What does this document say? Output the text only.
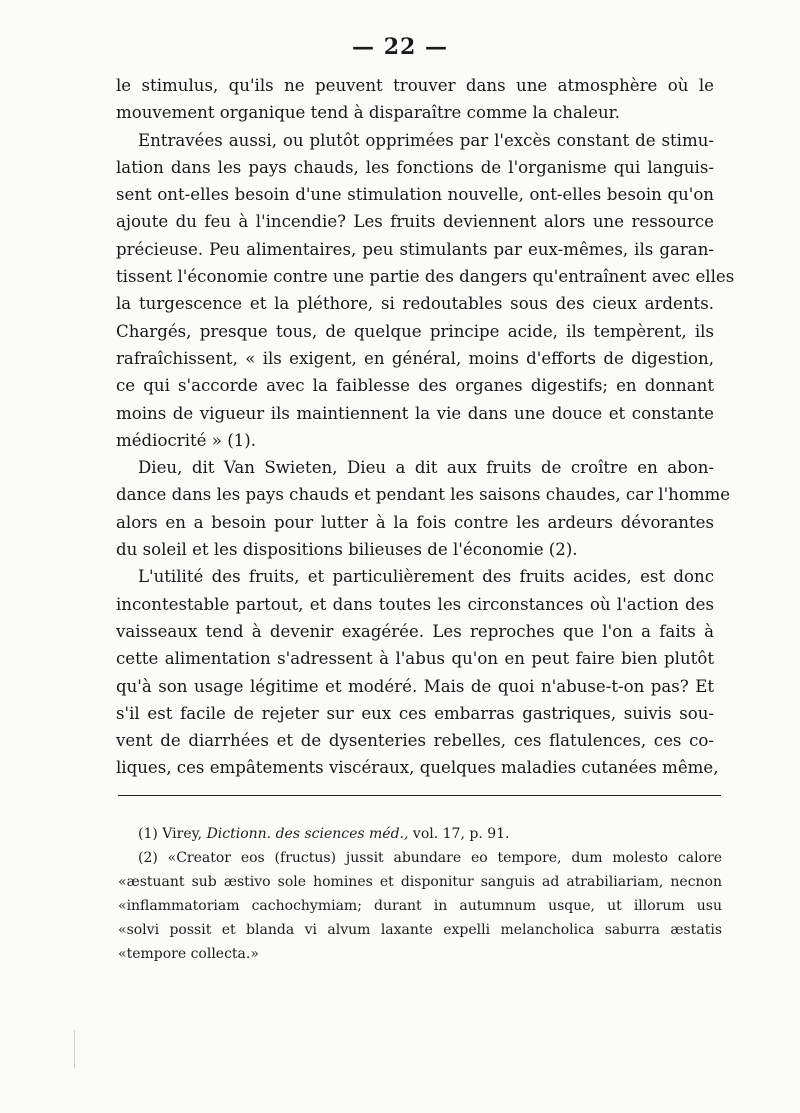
— 22 —
le stimulus, qu'ils ne peuvent trouver dans une atmosphère où le
mouvement organique tend à disparaître comme la chaleur.
Entravées aussi, ou plutôt opprimées par l'excès constant de stimu-
lation dans les pays chauds, les fonctions de l'organisme qui languis-
sent ont-elles besoin d'une stimulation nouvelle, ont-elles besoin qu'on
ajoute du feu à l'incendie? Les fruits deviennent alors une ressource
précieuse. Peu alimentaires, peu stimulants par eux-mêmes, ils garan-
tissent l'économie contre une partie des dangers qu'entraînent avec elles
la turgescence et la pléthore, si redoutables sous des cieux ardents.
Chargés, presque tous, de quelque principe acide, ils tempèrent, ils
rafraîchissent, « ils exigent, en général, moins d'efforts de digestion,
ce qui s'accorde avec la faiblesse des organes digestifs; en donnant
moins de vigueur ils maintiennent la vie dans une douce et constante
médiocrité » (1).
Dieu, dit Van Swieten, Dieu a dit aux fruits de croître en abon-
dance dans les pays chauds et pendant les saisons chaudes, car l'homme
alors en a besoin pour lutter à la fois contre les ardeurs dévorantes
du soleil et les dispositions bilieuses de l'économie (2).
L'utilité des fruits, et particulièrement des fruits acides, est donc
incontestable partout, et dans toutes les circonstances où l'action des
vaisseaux tend à devenir exagérée. Les reproches que l'on a faits à
cette alimentation s'adressent à l'abus qu'on en peut faire bien plutôt
qu'à son usage légitime et modéré. Mais de quoi n'abuse-t-on pas? Et
s'il est facile de rejeter sur eux ces embarras gastriques, suivis sou-
vent de diarrhées et de dysenteries rebelles, ces flatulences, ces co-
liques, ces empâtements viscéraux, quelques maladies cutanées même,
(1) Virey, Dictionn. des sciences méd., vol. 17, p. 91.
(2) «Creator eos (fructus) jussit abundare eo tempore, dum molesto calore
«æstuant sub æstivo sole homines et disponitur sanguis ad atrabiliariam, necnon
«inflammatoriam cachochymiam; durant in autumnum usque, ut illorum usu
«solvi possit et blanda vi alvum laxante expelli melancholica saburra æstatis
«tempore collecta.»
